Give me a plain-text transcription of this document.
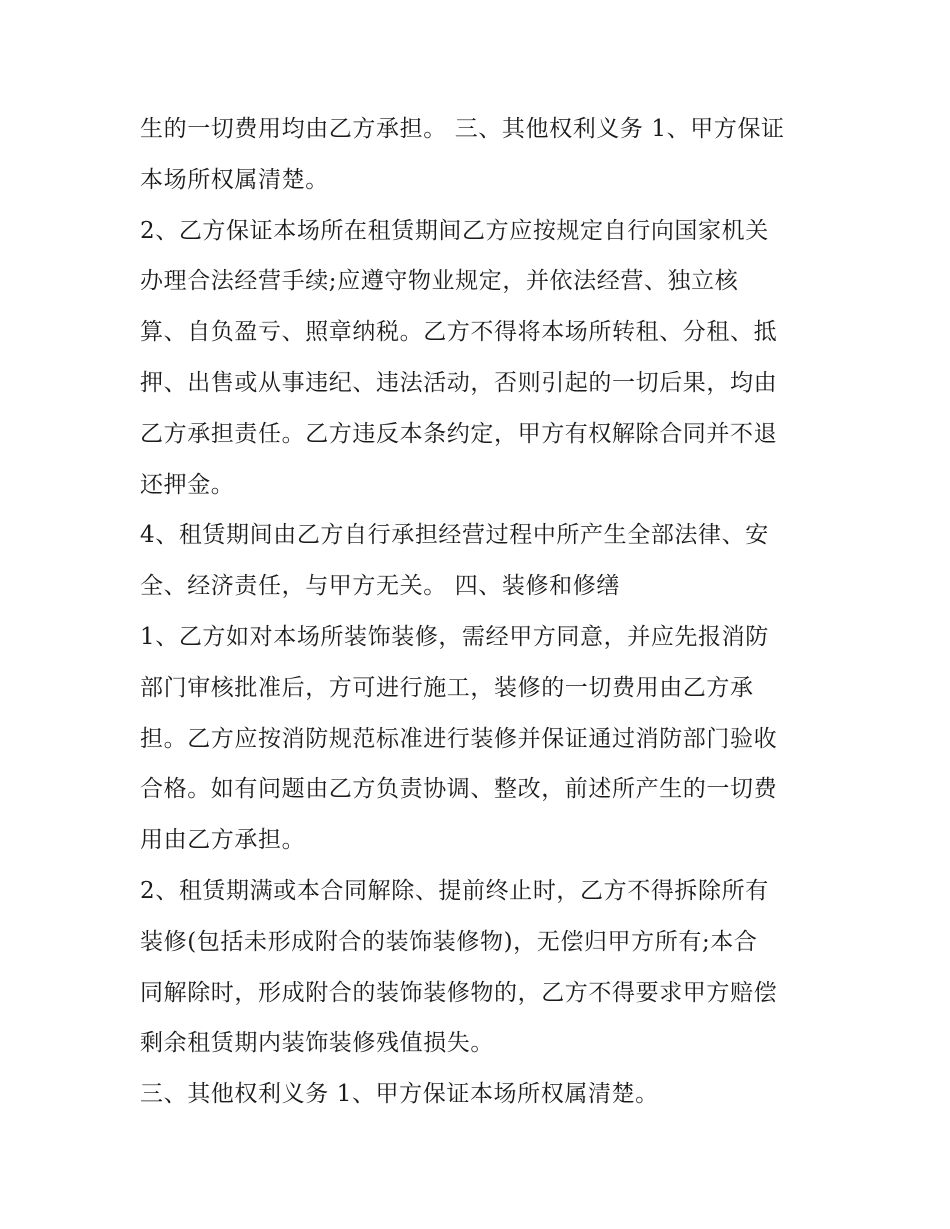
生的一切费用均由乙方承担。 三、其他权利义务 1、甲方保证
本场所权属清楚。
2、乙方保证本场所在租赁期间乙方应按规定自行向国家机关
办理合法经营手续;应遵守物业规定，并依法经营、独立核
算、自负盈亏、照章纳税。乙方不得将本场所转租、分租、抵
押、出售或从事违纪、违法活动，否则引起的一切后果，均由
乙方承担责任。乙方违反本条约定，甲方有权解除合同并不退
还押金。
4、租赁期间由乙方自行承担经营过程中所产生全部法律、安
全、经济责任，与甲方无关。 四、装修和修缮
1、乙方如对本场所装饰装修，需经甲方同意，并应先报消防
部门审核批准后，方可进行施工，装修的一切费用由乙方承
担。乙方应按消防规范标准进行装修并保证通过消防部门验收
合格。如有问题由乙方负责协调、整改，前述所产生的一切费
用由乙方承担。
2、租赁期满或本合同解除、提前终止时，乙方不得拆除所有
装修(包括未形成附合的装饰装修物)，无偿归甲方所有;本合
同解除时，形成附合的装饰装修物的，乙方不得要求甲方赔偿
剩余租赁期内装饰装修残值损失。
三、其他权利义务 1、甲方保证本场所权属清楚。
